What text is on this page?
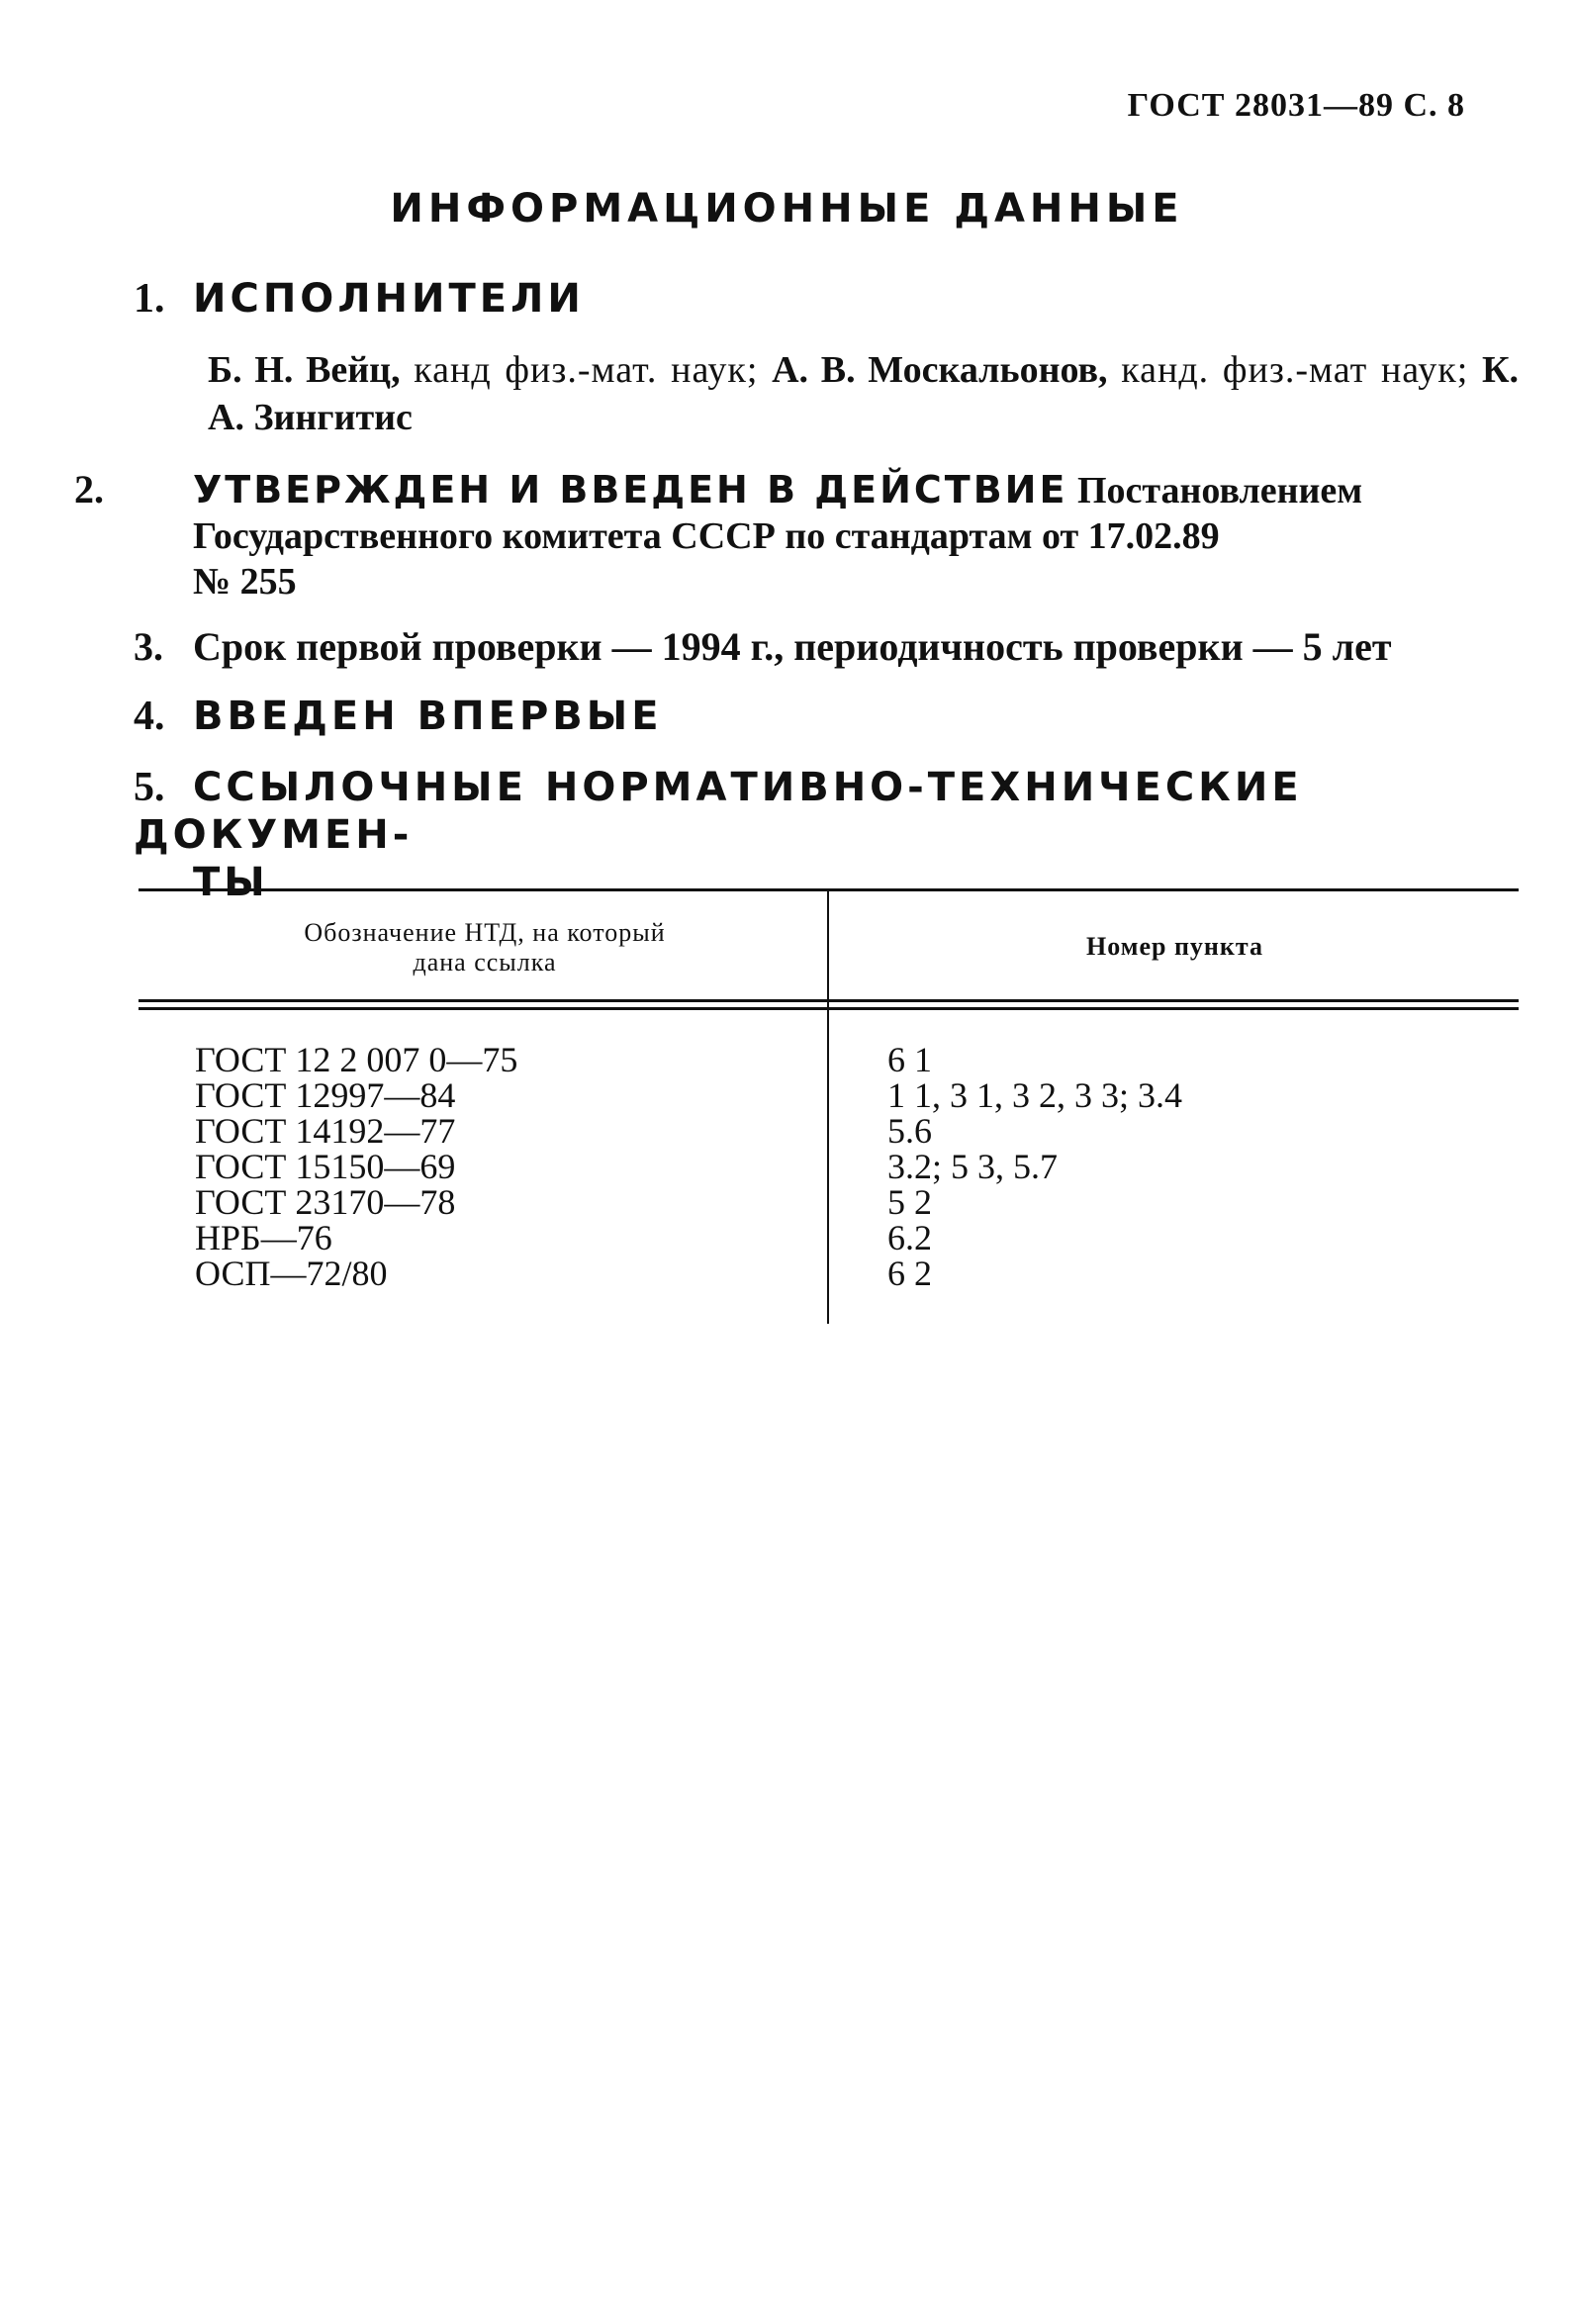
ГОСТ 28031—89 С. 8
ИНФОРМАЦИОННЫЕ ДАННЫЕ
1. ИСПОЛНИТЕЛИ
Б. Н. Вейц, канд физ.-мат. наук; А. В. Москальонов, канд. физ.-мат наук; К. А. Зингитис
2. УТВЕРЖДЕН И ВВЕДЕН В ДЕЙСТВИЕ Постановлением
Государственного комитета СССР по стандартам от 17.02.89
№ 255
3. Срок первой проверки — 1994 г., периодичность проверки — 5 лет
4. ВВЕДЕН ВПЕРВЫЕ
5. ССЫЛОЧНЫЕ НОРМАТИВНО-ТЕХНИЧЕСКИЕ ДОКУМЕН-
ТЫ
Обозначение НТД, на который
дана ссылка
Номер пункта
ГОСТ 12 2 007 0—75
ГОСТ 12997—84
ГОСТ 14192—77
ГОСТ 15150—69
ГОСТ 23170—78
НРБ—76
ОСП—72/80
6 1
1 1, 3 1, 3 2, 3 3; 3.4
5.6
3.2; 5 3, 5.7
5 2
6.2
6 2
